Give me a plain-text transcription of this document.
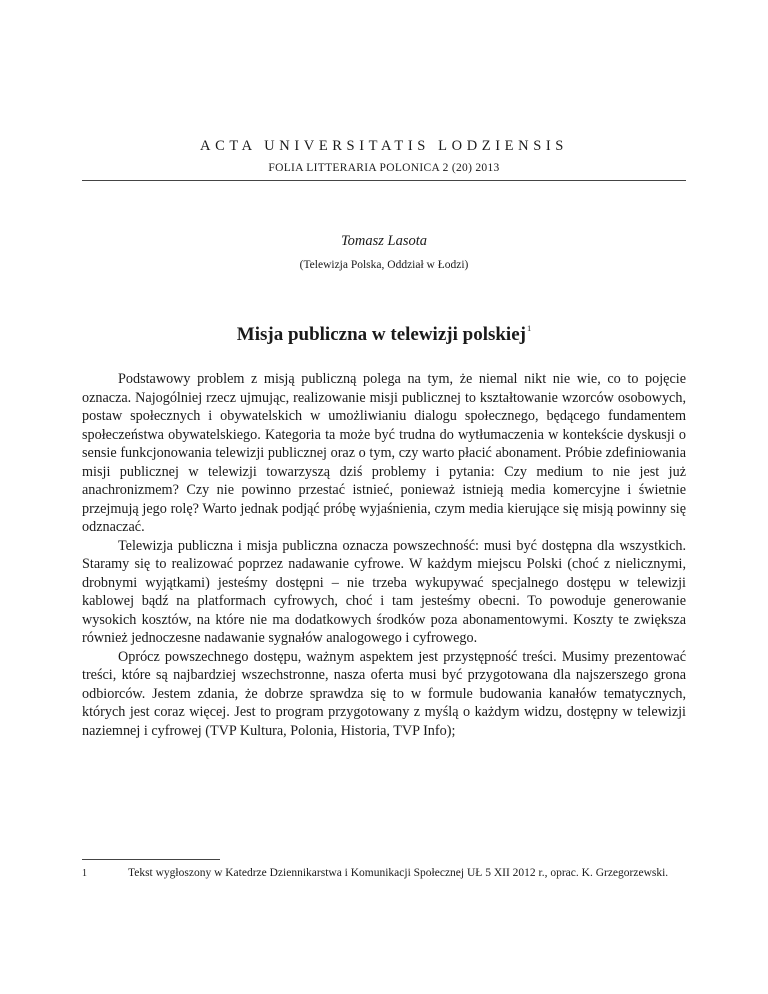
ACTA UNIVERSITATIS LODZIENSIS
FOLIA LITTERARIA POLONICA 2 (20) 2013
Tomasz Lasota
(Telewizja Polska, Oddział w Łodzi)
Misja publiczna w telewizji polskiej$^1$

Podstawowy problem z misją publiczną polega na tym, że niemal nikt nie wie, co to pojęcie oznacza. Najogólniej rzecz ujmując, realizowanie misji publicznej to kształtowanie wzorców osobowych, postaw społecznych i obywatelskich w umożliwianiu dialogu społecznego, będącego fundamentem społeczeństwa obywatelskiego. Kategoria ta może być trudna do wytłumaczenia w kontekście dyskusji o sensie funkcjonowania telewizji publicznej oraz o tym, czy warto płacić abonament. Próbie zdefiniowania misji publicznej w telewizji towarzyszą dziś problemy i pytania: Czy medium to nie jest już anachronizmem? Czy nie powinno przestać istnieć, ponieważ istnieją media komercyjne i świetnie przejmują jego rolę? Warto jednak podjąć próbę wyjaśnienia, czym media kierujące się misją powinny się odznaczać.

Telewizja publiczna i misja publiczna oznacza powszechność: musi być dostępna dla wszystkich. Staramy się to realizować poprzez nadawanie cyfrowe. W każdym miejscu Polski (choć z nielicznymi, drobnymi wyjątkami) jesteśmy dostępni – nie trzeba wykupywać specjalnego dostępu w telewizji kablowej bądź na platformach cyfrowych, choć i tam jesteśmy obecni. To powoduje generowanie wysokich kosztów, na które nie ma dodatkowych środków poza abonamentowymi. Koszty te zwiększa również jednoczesne nadawanie sygnałów analogowego i cyfrowego.

Oprócz powszechnego dostępu, ważnym aspektem jest przystępność treści. Musimy prezentować treści, które są najbardziej wszechstronne, nasza oferta musi być przygotowana dla najszerszego grona odbiorców. Jestem zdania, że dobrze sprawdza się to w formule budowania kanałów tematycznych, których jest coraz więcej. Jest to program przygotowany z myślą o każdym widzu, dostępny w telewizji naziemnej i cyfrowej (TVP Kultura, Polonia, Historia, TVP Info);

1	Tekst wygłoszony w Katedrze Dziennikarstwa i Komunikacji Społecznej UŁ 5 XII 2012 r., oprac. K. Grzegorzewski.
